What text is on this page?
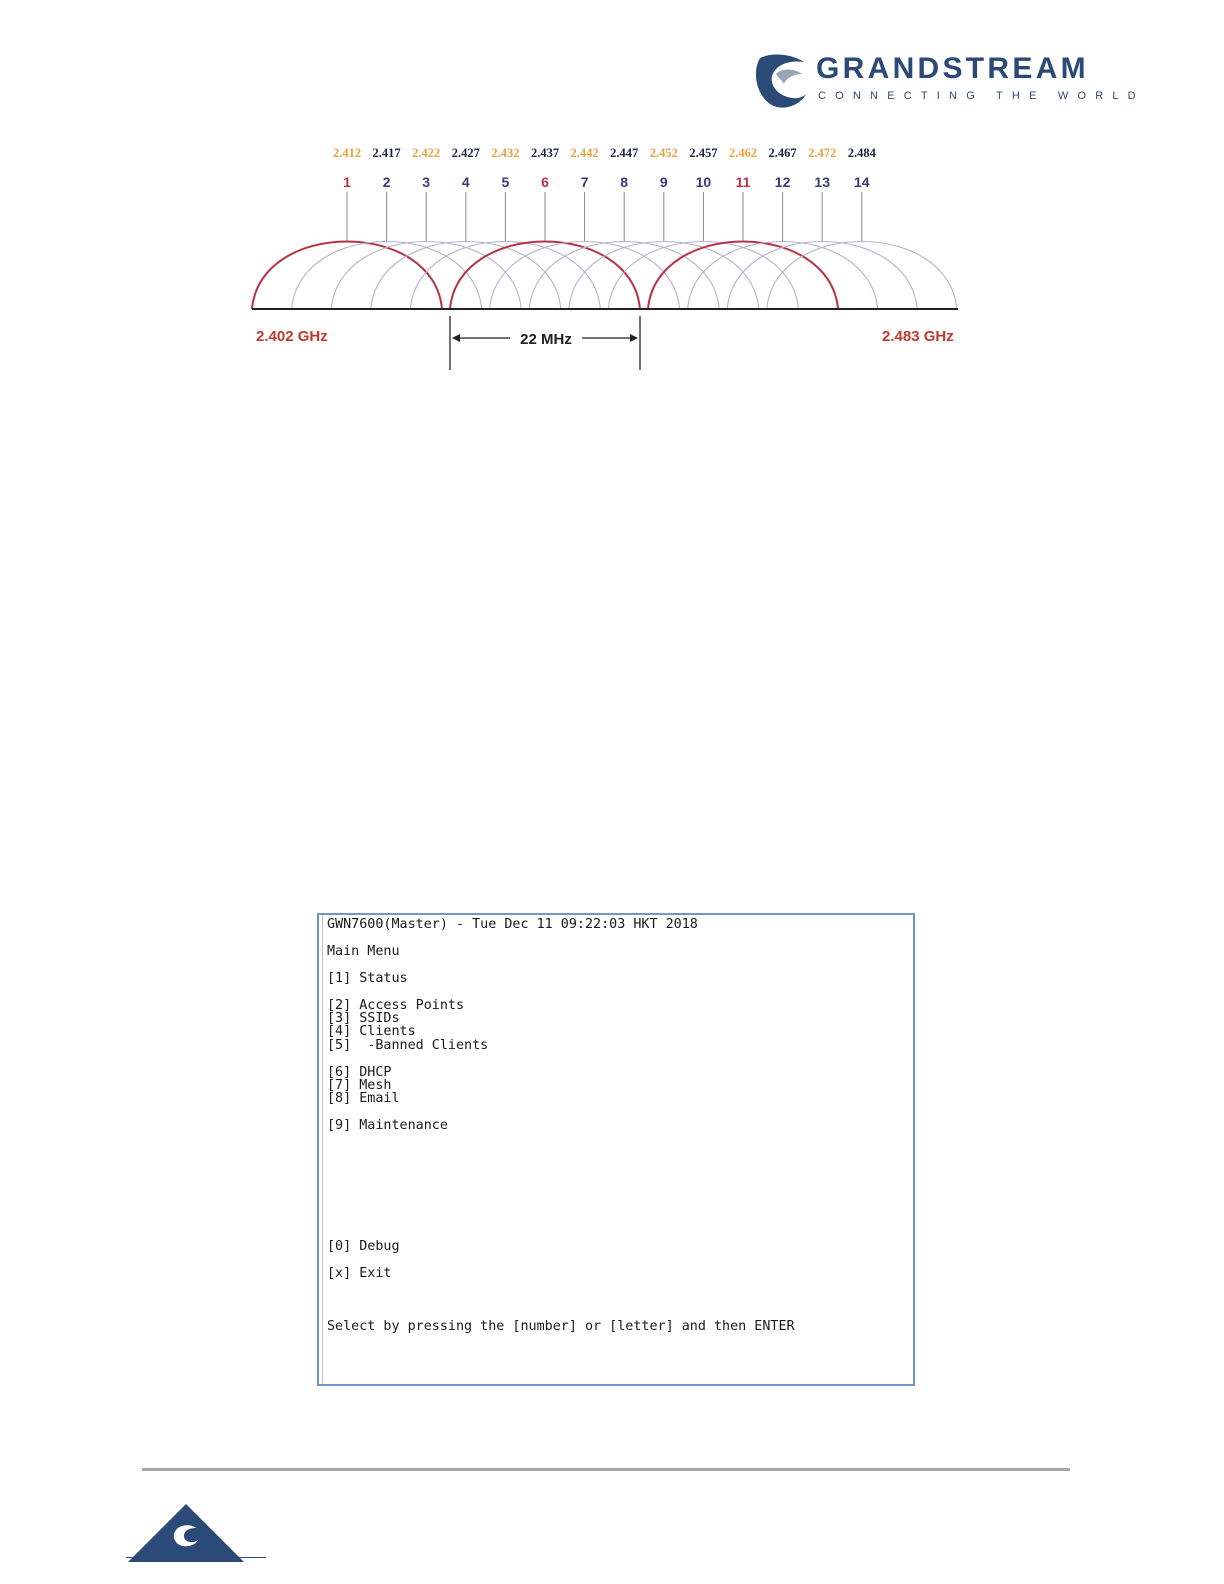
GRANDSTREAM
CONNECTING THE WORLD
2.412 2.417 2.422 2.427 2.432 2.437 2.442 2.447 2.452 2.457 2.462 2.467 2.472 2.484
1 2 3 4 5 6 7 8 9 10 11 12 13 14
22 MHz
2.402 GHz	2.483 GHz
GWN7600(Master) - Tue Dec 11 09:22:03 HKT 2018
Main Menu
[1] Status
[2] Access Points
[3] SSIDs
[4] Clients
[5]  -Banned Clients
[6] DHCP
[7] Mesh
[8] Email
[9] Maintenance
[0] Debug
[x] Exit
Select by pressing the [number] or [letter] and then ENTER
